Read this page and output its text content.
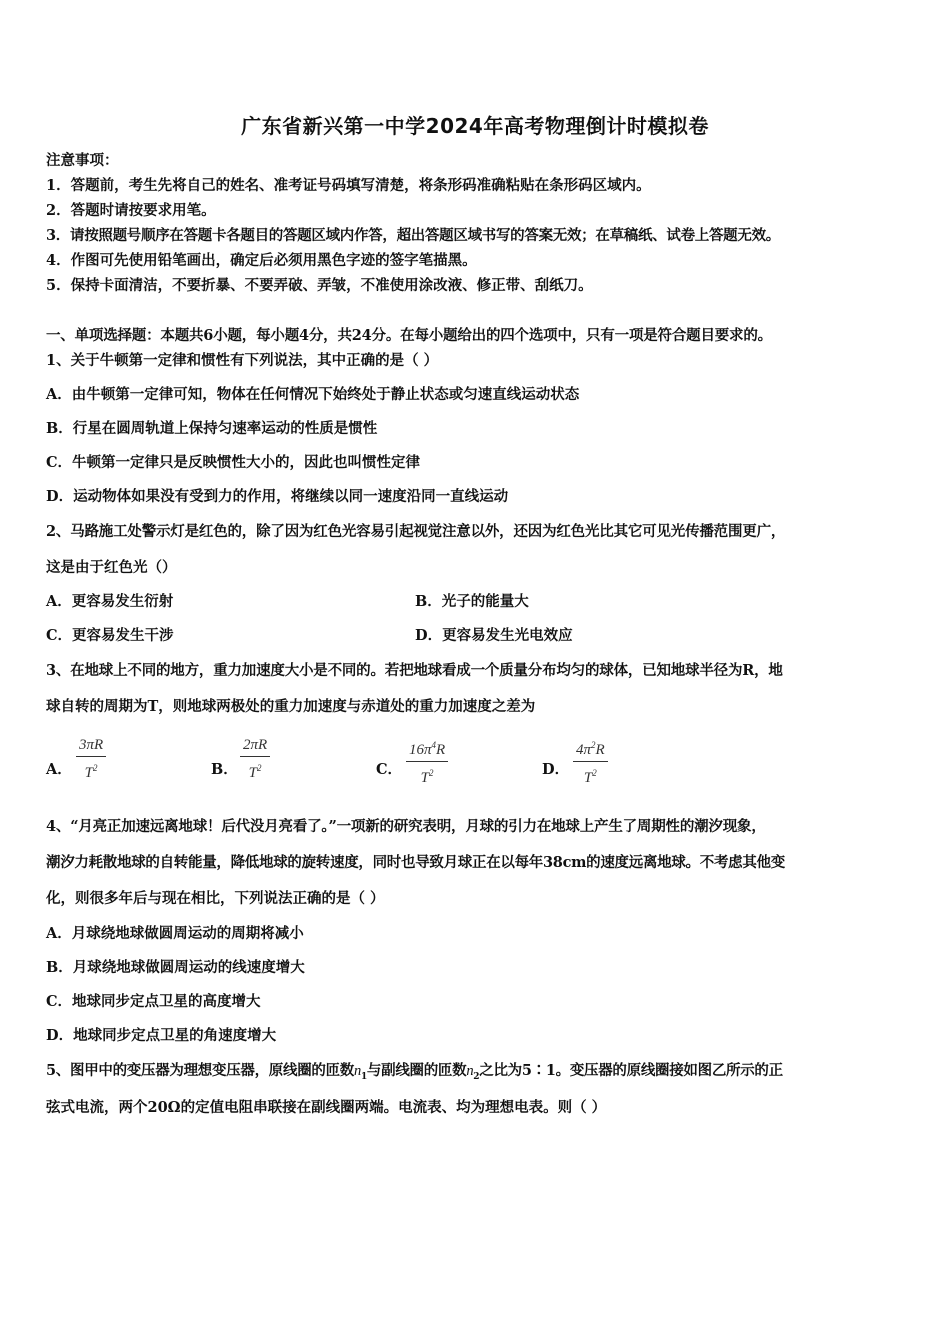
广东省新兴第一中学2024年高考物理倒计时模拟卷
注意事项：
1．答题前，考生先将自己的姓名、准考证号码填写清楚，将条形码准确粘贴在条形码区域内。
2．答题时请按要求用笔。
3．请按照题号顺序在答题卡各题目的答题区域内作答，超出答题区域书写的答案无效；在草稿纸、试卷上答题无效。
4．作图可先使用铅笔画出，确定后必须用黑色字迹的签字笔描黑。
5．保持卡面清洁，不要折暴、不要弄破、弄皱，不准使用涂改液、修正带、刮纸刀。
一、单项选择题：本题共6小题，每小题4分，共24分。在每小题给出的四个选项中，只有一项是符合题目要求的。
1、关于牛顿第一定律和惯性有下列说法，其中正确的是（ ）
A．由牛顿第一定律可知，物体在任何情况下始终处于静止状态或匀速直线运动状态
B．行星在圆周轨道上保持匀速率运动的性质是惯性
C．牛顿第一定律只是反映惯性大小的，因此也叫惯性定律
D．运动物体如果没有受到力的作用，将继续以同一速度沿同一直线运动
2、马路施工处警示灯是红色的，除了因为红色光容易引起视觉注意以外，还因为红色光比其它可见光传播范围更广，
这是由于红色光（）
A．更容易发生衍射	B．光子的能量大
C．更容易发生干涉	D．更容易发生光电效应
3、在地球上不同的地方，重力加速度大小是不同的。若把地球看成一个质量分布均匀的球体，已知地球半径为R，地
球自转的周期为T，则地球两极处的重力加速度与赤道处的重力加速度之差为
A．
3πR
$T^2$	B．
2πR
$T^2$	C．
$16\pi^4R$
$T^2$	D．
$4\pi^2R$
$T^2$
4、“月亮正加速远离地球！后代没月亮看了。”一项新的研究表明，月球的引力在地球上产生了周期性的潮汐现象，
潮汐力耗散地球的自转能量，降低地球的旋转速度，同时也导致月球正在以每年38cm的速度远离地球。不考虑其他变
化，则很多年后与现在相比，下列说法正确的是（ ）
A．月球绕地球做圆周运动的周期将减小
B．月球绕地球做圆周运动的线速度增大
C．地球同步定点卫星的高度增大
D．地球同步定点卫星的角速度增大
5、图甲中的变压器为理想变压器，原线圈的匝数$n_1$与副线圈的匝数$n_2$之比为5∶1。变压器的原线圈接如图乙所示的正
弦式电流，两个20Ω的定值电阻串联接在副线圈两端。电流表、均为理想电表。则（ ）
